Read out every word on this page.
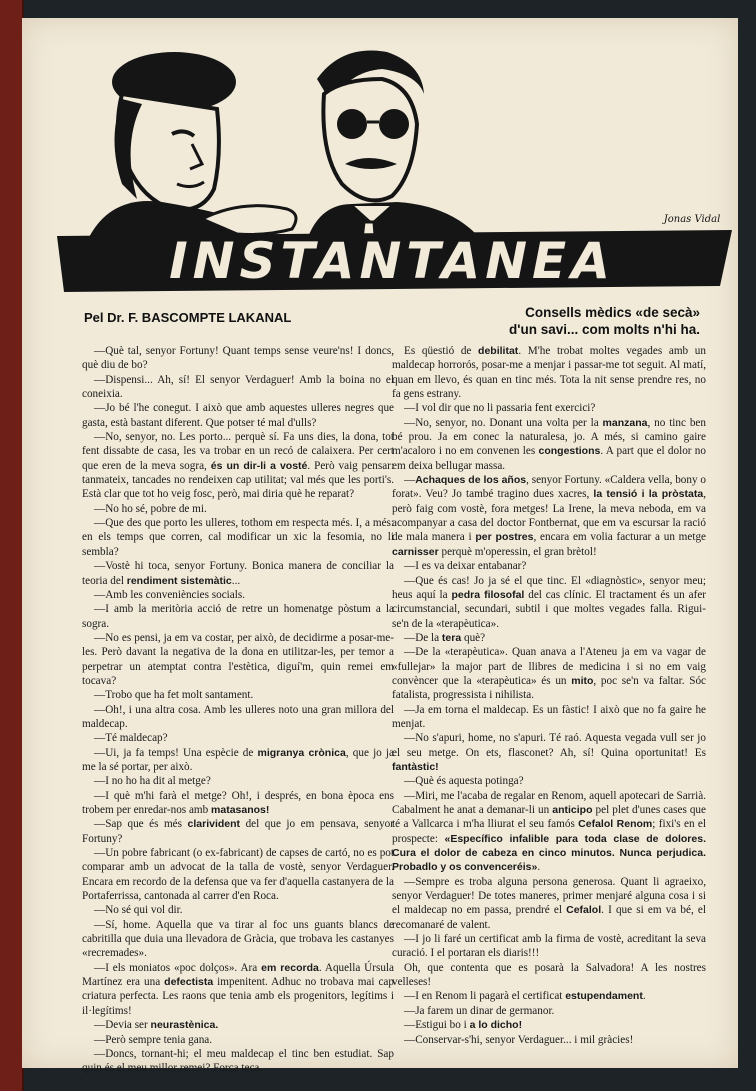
INSTANTANEA
Jonas Vidal
Pel Dr. F. BASCOMPTE LAKANAL	Consells mèdics «de secà»
d'un savi... com molts n'hi ha.

—Què tal, senyor Fortuny! Quant temps sense veure'ns! I doncs, què diu de bo?

—Dispensi... Ah, sí! El senyor Verdaguer! Amb la boina no el coneixia.

—Jo bé l'he conegut. I això que amb aquestes ulleres negres que gasta, està bastant diferent. Que potser té mal d'ulls?

—No, senyor, no. Les porto... perquè sí. Fa uns dies, la dona, tot fent dissabte de casa, les va trobar en un recó de calaixera. Per cert que eren de la meva sogra, és un dir-li a vosté. Però vaig pensar: tanmateix, tancades no rendeixen cap utilitat; val més que les porti's. Està clar que tot ho veig fosc, però, mai diria què he reparat?

—No ho sé, pobre de mi.

—Que des que porto les ulleres, tothom em respecta més. I, a més: en els temps que corren, cal modificar un xic la fesomia, no li sembla?

—Vostè hi toca, senyor Fortuny. Bonica manera de conciliar la teoria del rendiment sistemàtic...

—Amb les conveniències socials.

—I amb la meritòria acció de retre un homenatge pòstum a la sogra.

—No es pensi, ja em va costar, per això, de decidirme a posar-me-les. Però davant la negativa de la dona en utilitzar-les, per temor a perpetrar un atemptat contra l'estètica, diguí'm, quin remei em tocava?

—Trobo que ha fet molt santament.

—Oh!, i una altra cosa. Amb les ulleres noto una gran millora del maldecap.

—Té maldecap?

—Ui, ja fa temps! Una espècie de migranya crònica, que jo ja me la sé portar, per això.

—I no ho ha dit al metge?

—I què m'hi farà el metge? Oh!, i després, en bona època ens trobem per enredar-nos amb matasanos!

—Sap que és més clarivident del que jo em pensava, senyor Fortuny?

—Un pobre fabricant (o ex-fabricant) de capses de cartó, no es pot comparar amb un advocat de la talla de vostè, senyor Verdaguer. Encara em recordo de la defensa que va fer d'aquella castanyera de la Portaferrissa, cantonada al carrer d'en Roca.

—No sé qui vol dir.

—Sí, home. Aquella que va tirar al foc uns guants blancs de cabritilla que duia una llevadora de Gràcia, que trobava les castanyes «recremades».

—I els moniatos «poc dolços». Ara em recorda. Aquella Úrsula Martínez era una defectista impenitent. Adhuc no trobava mai cap criatura perfecta. Les raons que tenia amb els progenitors, legítims i il·legítims!

—Devia ser neurastènica.

—Però sempre tenia gana.

—Doncs, tornant-hi; el meu maldecap el tinc ben estudiat. Sap quin és el meu millor remei? Força teca.

Es qüestió de debilitat. M'he trobat moltes vegades amb un maldecap horrorós, posar-me a menjar i passar-me tot seguit. Al matí, quan em llevo, és quan en tinc més. Tota la nit sense prendre res, no fa gens estrany.

—I vol dir que no li passaria fent exercici?

—No, senyor, no. Donant una volta per la manzana, no tinc ben bé prou. Ja em conec la naturalesa, jo. A més, si camino gaire m'acaloro i no em convenen les congestions. A part que el dolor no em deixa bellugar massa.

—Achaques de los años, senyor Fortuny. «Caldera vella, bony o forat». Veu? Jo també tragino dues xacres, la tensió i la pròstata, però faig com vostè, fora metges! La Irene, la meva neboda, em va acompanyar a casa del doctor Fontbernat, que em va escursar la ració de mala manera i per postres, encara em volia facturar a un metge carnisser perquè m'operessin, el gran brètol!

—I es va deixar entabanar?

—Que és cas! Jo ja sé el que tinc. El «diagnòstic», senyor meu; heus aquí la pedra filosofal del cas clínic. El tractament és un afer circumstancial, secundari, subtil i que moltes vegades falla. Rigui-se'n de la «terapèutica».

—De la tera què?

—De la «terapèutica». Quan anava a l'Ateneu ja em va vagar de «fullejar» la major part de llibres de medicina i si no em vaig convèncer que la «terapèutica» és un mito, poc se'n va faltar. Sóc fatalista, progressista i nihilista.

—Ja em torna el maldecap. Es un fàstic! I això que no fa gaire he menjat.

—No s'apuri, home, no s'apuri. Té raó. Aquesta vegada vull ser jo el seu metge. On ets, flasconet? Ah, sí! Quina oportunitat! Es fantàstic!

—Què és aquesta potinga?

—Miri, me l'acaba de regalar en Renom, aquell apotecari de Sarrià. Cabalment he anat a demanar-li un anticipo pel plet d'unes cases que té a Vallcarca i m'ha lliurat el seu famós Cefalol Renom; fixi's en el prospecte: «Específico infalible para toda clase de dolores. Cura el dolor de cabeza en cinco minutos. Nunca perjudica. Probadlo y os convenceréis».

—Sempre es troba alguna persona generosa. Quant li agraeixo, senyor Verdaguer! De totes maneres, primer menjaré alguna cosa i si el maldecap no em passa, prendré el Cefalol. I que si em va bé, el recomanaré de valent.

—I jo li faré un certificat amb la firma de vostè, acreditant la seva curació. I el portaran els diaris!!!

Oh, que contenta que es posarà la Salvadora! A les nostres velleses!

—I en Renom li pagarà el certificat estupendament.

—Ja farem un dinar de germanor.

—Estigui bo i a lo dicho!

—Conservar-s'hi, senyor Verdaguer... i mil gràcies!
